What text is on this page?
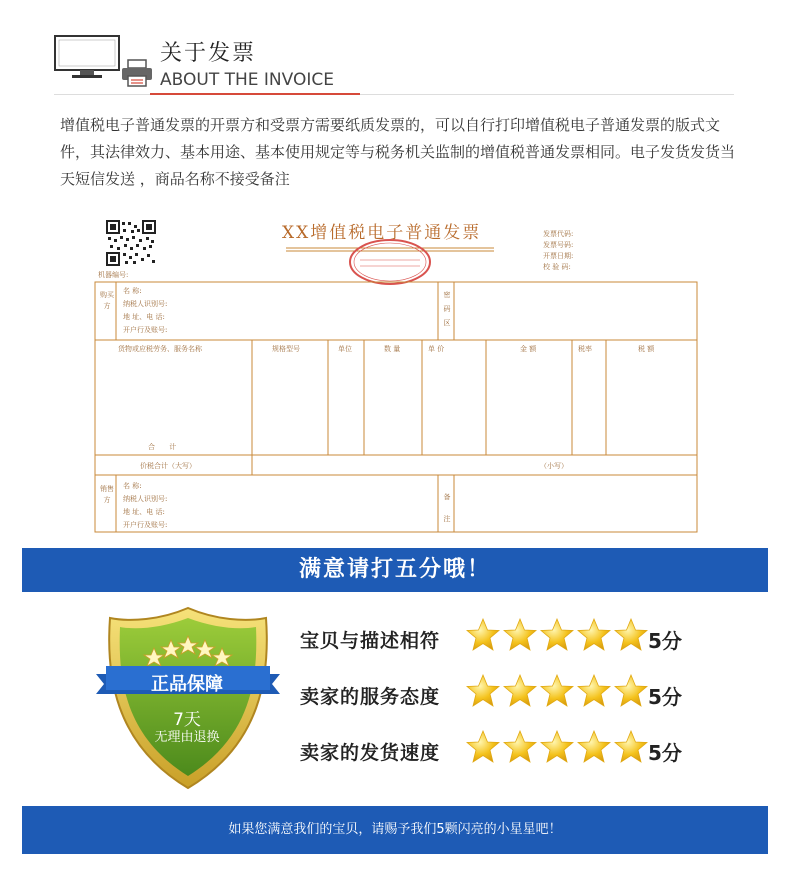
关于发票
ABOUT THE INVOICE
增值税电子普通发票的开票方和受票方需要纸质发票的，可以自行打印增值税电子普通发票的版式文件，其法律效力、基本用途、基本使用规定等与税务机关监制的增值税普通发票相同。电子发货发货当天短信发送 ，商品名称不接受备注
XX增值税电子普通发票	发票代码:
发票号码:
开票日期:
校 验 码:
机器编号:
购买方
名 称:
纳税人识别号:
地 址、电 话:
开户行及账号:
密码区
货物或应税劳务、服务名称	规格型号	单位	数 量	单 价	金 额	税率	税 额
合 计
价税合计（大写）	（小写）
销售方
名 称:
纳税人识别号:
地 址、电 话:
开户行及账号:
备注
满意请打五分哦！
正品保障
7天
无理由退换
宝贝与描述相符	5分
卖家的服务态度	5分
卖家的发货速度	5分
如果您满意我们的宝贝，请赐予我们5颗闪亮的小星星吧！
